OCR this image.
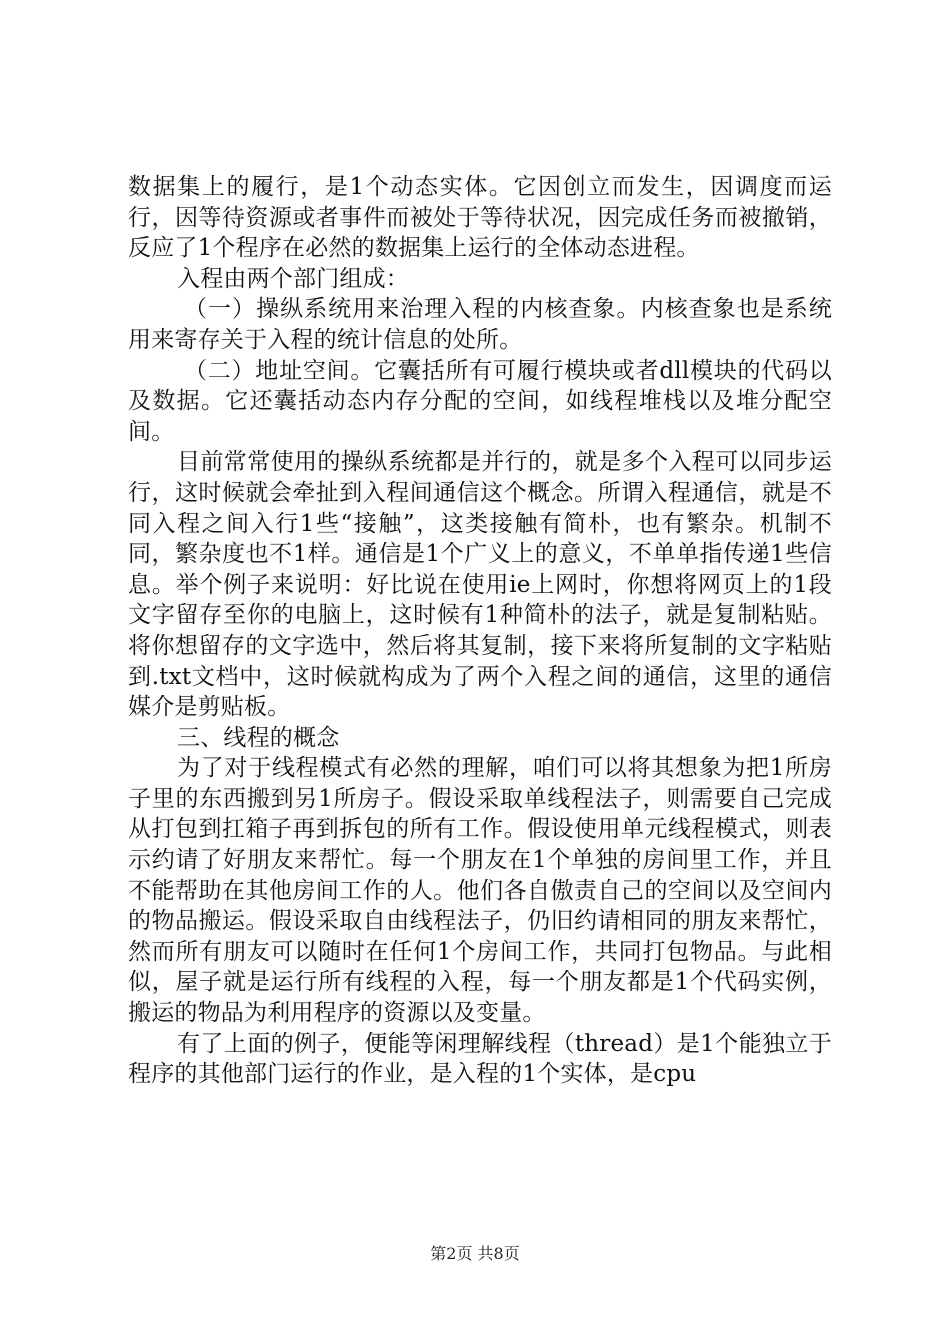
数据集上的履行，是1个动态实体。它因创立而发生，因调度而运行，因等待资源或者事件而被处于等待状况，因完成任务而被撤销，反应了1个程序在必然的数据集上运行的全体动态进程。

入程由两个部门组成：

（一）操纵系统用来治理入程的内核查象。内核查象也是系统用来寄存关于入程的统计信息的处所。

（二）地址空间。它囊括所有可履行模块或者dll模块的代码以及数据。它还囊括动态内存分配的空间，如线程堆栈以及堆分配空间。

目前常常使用的操纵系统都是并行的，就是多个入程可以同步运行，这时候就会牵扯到入程间通信这个概念。所谓入程通信，就是不同入程之间入行1些“接触”，这类接触有简朴，也有繁杂。机制不同，繁杂度也不1样。通信是1个广义上的意义，不单单指传递1些信息。举个例子来说明：好比说在使用ie上网时，你想将网页上的1段文字留存至你的电脑上，这时候有1种简朴的法子，就是复制粘贴。将你想留存的文字选中，然后将其复制，接下来将所复制的文字粘贴到.txt文档中，这时候就构成为了两个入程之间的通信，这里的通信媒介是剪贴板。

三、线程的概念

为了对于线程模式有必然的理解，咱们可以将其想象为把1所房子里的东西搬到另1所房子。假设采取单线程法子，则需要自己完成从打包到扛箱子再到拆包的所有工作。假设使用单元线程模式，则表示约请了好朋友来帮忙。每一个朋友在1个单独的房间里工作，并且不能帮助在其他房间工作的人。他们各自傲责自己的空间以及空间内的物品搬运。假设采取自由线程法子，仍旧约请相同的朋友来帮忙，然而所有朋友可以随时在任何1个房间工作，共同打包物品。与此相似，屋子就是运行所有线程的入程，每一个朋友都是1个代码实例，搬运的物品为利用程序的资源以及变量。

有了上面的例子，便能等闲理解线程（thread）是1个能独立于程序的其他部门运行的作业，是入程的1个实体，是cpu

第2页 共8页
